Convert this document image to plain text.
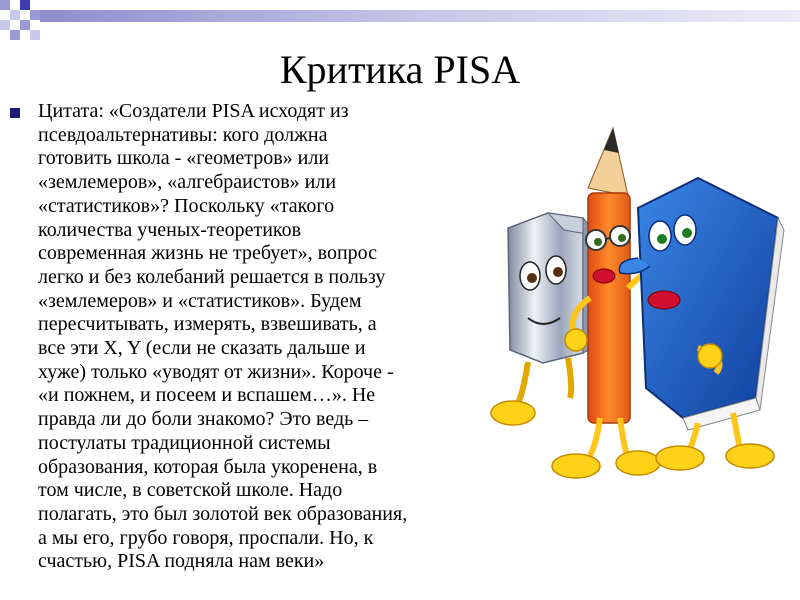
Критика PISA
Цитата: «Создатели PISA исходят из
псевдоальтернативы: кого должна
готовить школа - «геометров» или
«землемеров», «алгебраистов» или
«статистиков»? Поскольку «такого
количества ученых-теоретиков
современная жизнь не требует», вопрос
легко и без колебаний решается в пользу
«землемеров» и «статистиков». Будем
пересчитывать, измерять, взвешивать, а
все эти X, Y (если не сказать дальше и
хуже) только «уводят от жизни». Короче -
«и пожнем, и посеем и вспашем…». Не
правда ли до боли знакомо? Это ведь –
постулаты традиционной системы
образования, которая была укоренена, в
том числе, в советской школе. Надо
полагать, это был золотой век образования,
а мы его, грубо говоря, проспали. Но, к
счастью, PISA подняла нам веки»
